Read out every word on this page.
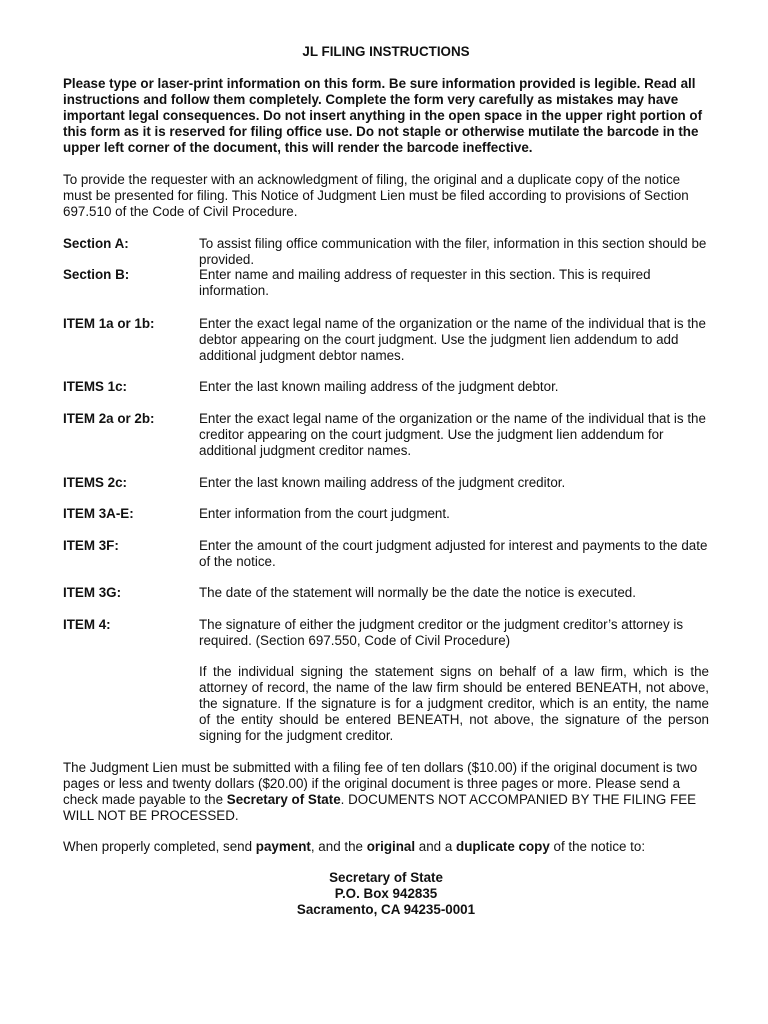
JL FILING INSTRUCTIONS

Please type or laser-print information on this form. Be sure information provided is legible. Read all instructions and follow them completely. Complete the form very carefully as mistakes may have important legal consequences. Do not insert anything in the open space in the upper right portion of this form as it is reserved for filing office use. Do not staple or otherwise mutilate the barcode in the upper left corner of the document, this will render the barcode ineffective.

To provide the requester with an acknowledgment of filing, the original and a duplicate copy of the notice must be presented for filing. This Notice of Judgment Lien must be filed according to provisions of Section 697.510 of the Code of Civil Procedure.

Section A:	To assist filing office communication with the filer, information in this section should be provided.
Section B:	Enter name and mailing address of requester in this section. This is required information.
ITEM 1a or 1b:	Enter the exact legal name of the organization or the name of the individual that is the debtor appearing on the court judgment. Use the judgment lien addendum to add additional judgment debtor names.
ITEMS 1c:	Enter the last known mailing address of the judgment debtor.
ITEM 2a or 2b:	Enter the exact legal name of the organization or the name of the individual that is the creditor appearing on the court judgment. Use the judgment lien addendum for additional judgment creditor names.
ITEMS 2c:	Enter the last known mailing address of the judgment creditor.
ITEM 3A-E:	Enter information from the court judgment.
ITEM 3F:	Enter the amount of the court judgment adjusted for interest and payments to the date of the notice.
ITEM 3G:	The date of the statement will normally be the date the notice is executed.
ITEM 4:	The signature of either the judgment creditor or the judgment creditor’s attorney is required. (Section 697.550, Code of Civil Procedure)
If the individual signing the statement signs on behalf of a law firm, which is the attorney of record, the name of the law firm should be entered BENEATH, not above, the signature. If the signature is for a judgment creditor, which is an entity, the name of the entity should be entered BENEATH, not above, the signature of the person signing for the judgment creditor.

The Judgment Lien must be submitted with a filing fee of ten dollars ($10.00) if the original document is two pages or less and twenty dollars ($20.00) if the original document is three pages or more. Please send a check made payable to the Secretary of State. DOCUMENTS NOT ACCOMPANIED BY THE FILING FEE WILL NOT BE PROCESSED.

When properly completed, send payment, and the original and a duplicate copy of the notice to:

Secretary of State
P.O. Box 942835
Sacramento, CA 94235-0001
